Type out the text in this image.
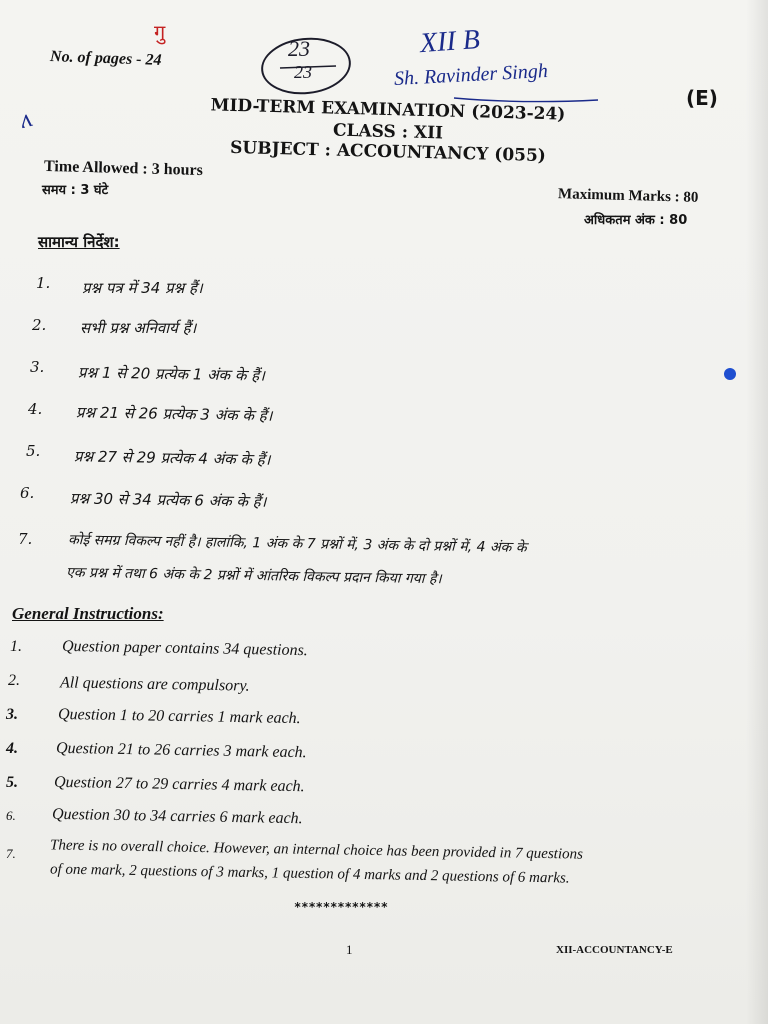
गु
ʌ
23
23
XII B
Sh. Ravinder Singh
No. of pages - 24
(E)
MID-TERM EXAMINATION (2023-24)
CLASS : XII
SUBJECT : ACCOUNTANCY (055)
Time Allowed : 3 hours
समय : 3 घंटे	Maximum Marks : 80
अधिकतम अंक : 80
सामान्य निर्देश:
1. प्रश्न पत्र में 34 प्रश्न हैं।
2. सभी प्रश्न अनिवार्य हैं।
3. प्रश्न 1 से 20 प्रत्येक 1 अंक के हैं।
4. प्रश्न 21 से 26 प्रत्येक 3 अंक के हैं।
5. प्रश्न 27 से 29 प्रत्येक 4 अंक के हैं।
6. प्रश्न 30 से 34 प्रत्येक 6 अंक के हैं।
7.	कोई समग्र विकल्प नहीं है। हालांकि, 1 अंक के 7 प्रश्नों में, 3 अंक के दो प्रश्नों में, 4 अंक के
एक प्रश्न में तथा 6 अंक के 2 प्रश्नों में आंतरिक विकल्प प्रदान किया गया है।
General Instructions:
1. Question paper contains 34 questions.
2. All questions are compulsory.
3. Question 1 to 20 carries 1 mark each.
4. Question 21 to 26 carries 3 mark each.
5. Question 27 to 29 carries 4 mark each.
6. Question 30 to 34 carries 6 mark each.
7. There is no overall choice. However, an internal choice has been provided in 7 questions
of one mark, 2 questions of 3 marks, 1 question of 4 marks and 2 questions of 6 marks.
*************
1	XII-ACCOUNTANCY-E
